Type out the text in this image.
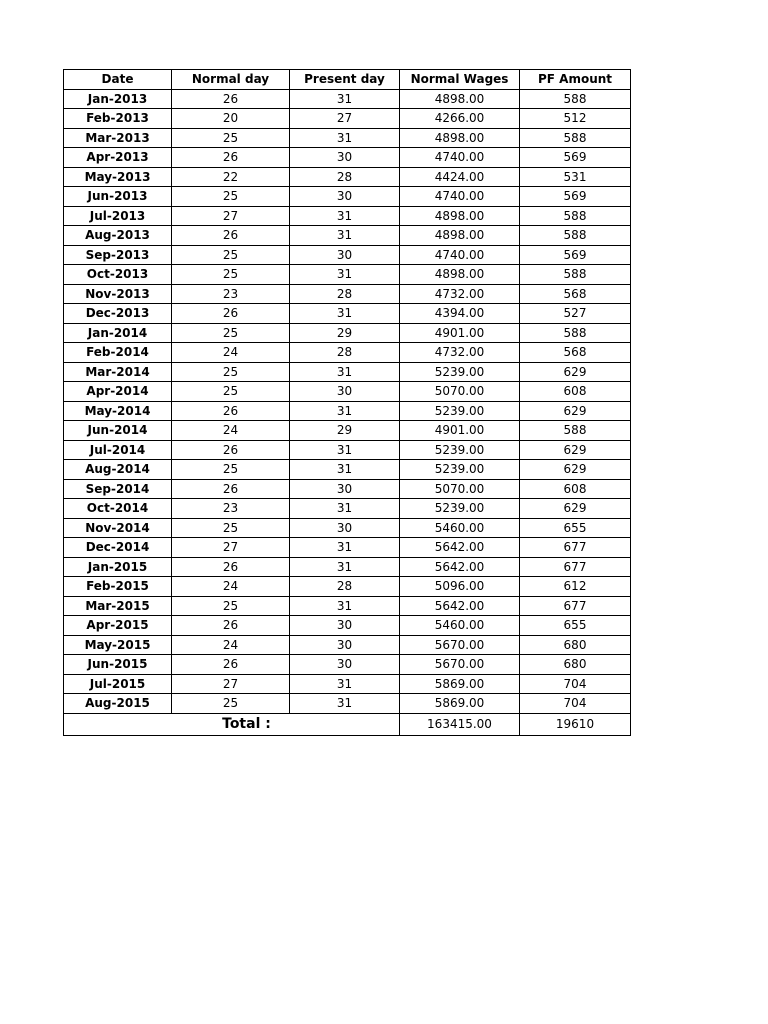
Date	Normal day	Present day	Normal Wages	PF Amount
Jan-2013	26	31	4898.00	588
Feb-2013	20	27	4266.00	512
Mar-2013	25	31	4898.00	588
Apr-2013	26	30	4740.00	569
May-2013	22	28	4424.00	531
Jun-2013	25	30	4740.00	569
Jul-2013	27	31	4898.00	588
Aug-2013	26	31	4898.00	588
Sep-2013	25	30	4740.00	569
Oct-2013	25	31	4898.00	588
Nov-2013	23	28	4732.00	568
Dec-2013	26	31	4394.00	527
Jan-2014	25	29	4901.00	588
Feb-2014	24	28	4732.00	568
Mar-2014	25	31	5239.00	629
Apr-2014	25	30	5070.00	608
May-2014	26	31	5239.00	629
Jun-2014	24	29	4901.00	588
Jul-2014	26	31	5239.00	629
Aug-2014	25	31	5239.00	629
Sep-2014	26	30	5070.00	608
Oct-2014	23	31	5239.00	629
Nov-2014	25	30	5460.00	655
Dec-2014	27	31	5642.00	677
Jan-2015	26	31	5642.00	677
Feb-2015	24	28	5096.00	612
Mar-2015	25	31	5642.00	677
Apr-2015	26	30	5460.00	655
May-2015	24	30	5670.00	680
Jun-2015	26	30	5670.00	680
Jul-2015	27	31	5869.00	704
Aug-2015	25	31	5869.00	704
Total :			163415.00	19610
